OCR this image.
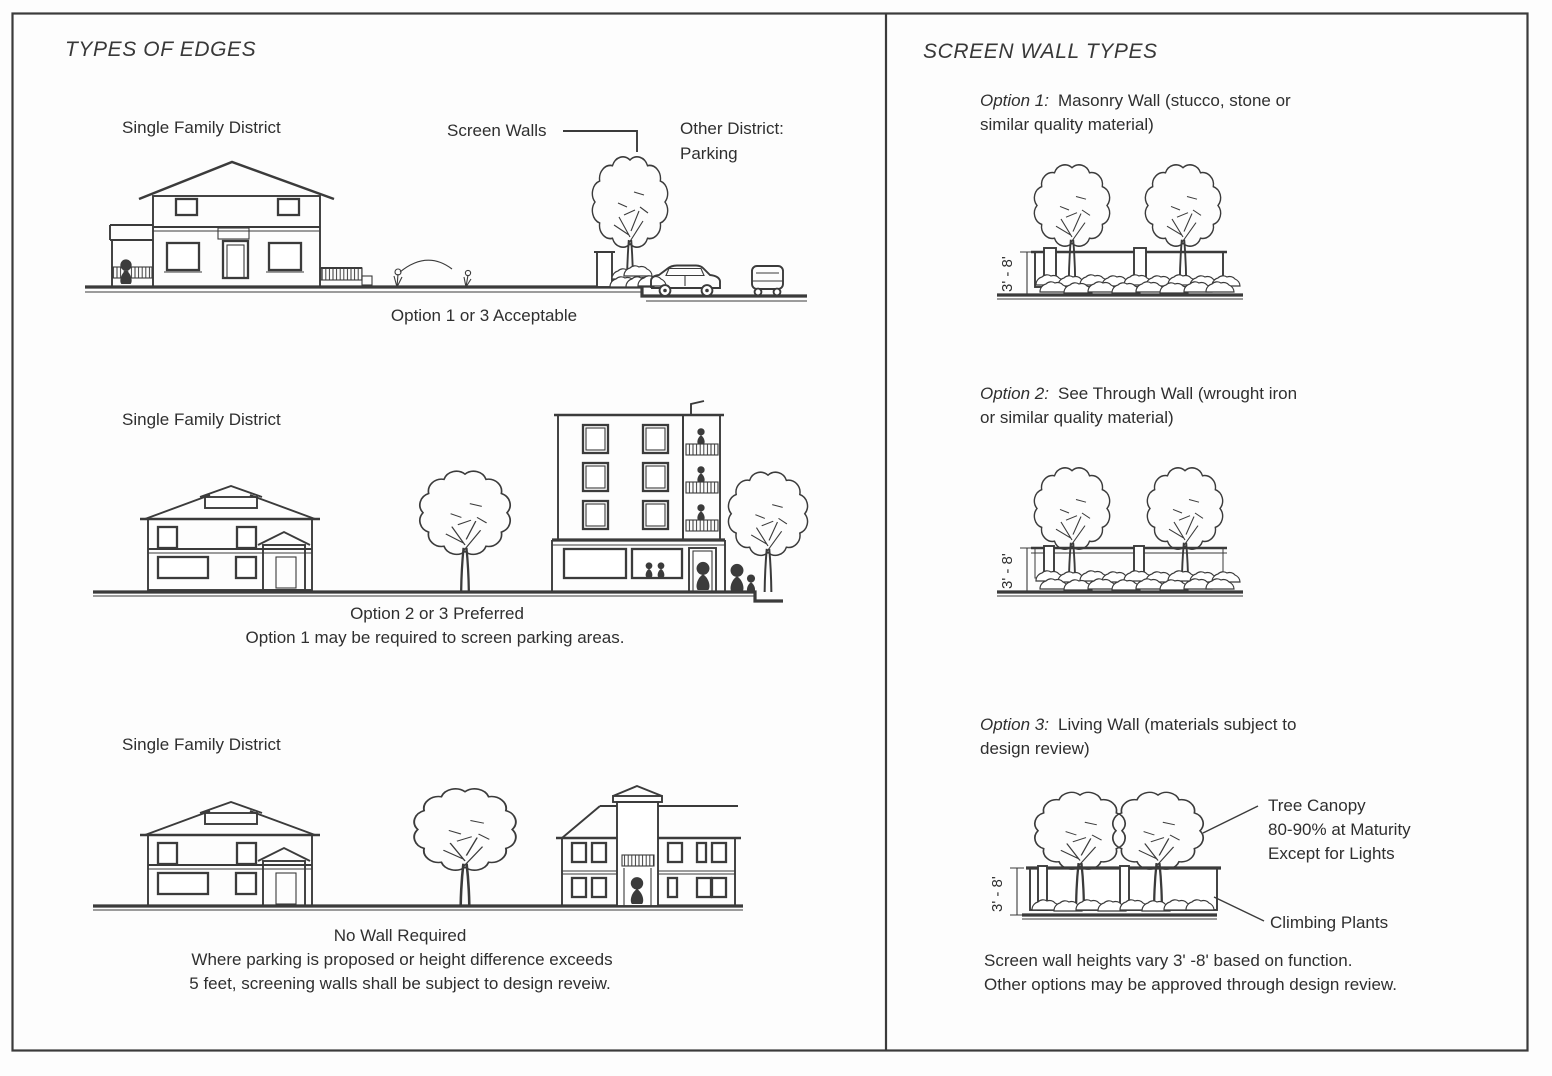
TYPES OF EDGES	SCREEN WALL TYPES
Single Family District	Screen Walls	Other District:
Parking
Option 1 or 3 Acceptable
Single Family District
Option 2 or 3 Preferred
Option 1 may be required to screen parking areas.
Single Family District
No Wall Required
Where parking is proposed or height difference exceeds
5 feet, screening walls shall be subject to design reveiw.
Option 1: Masonry Wall (stucco, stone or
similar quality material)
3' - 8'
Option 2: See Through Wall (wrought iron
or similar quality material)
3' - 8'
Option 3: Living Wall (materials subject to
design review)
3' - 8'
Tree Canopy
80-90% at Maturity
Except for Lights
Climbing Plants
Screen wall heights vary 3' -8' based on function.
Other options may be approved through design review.
